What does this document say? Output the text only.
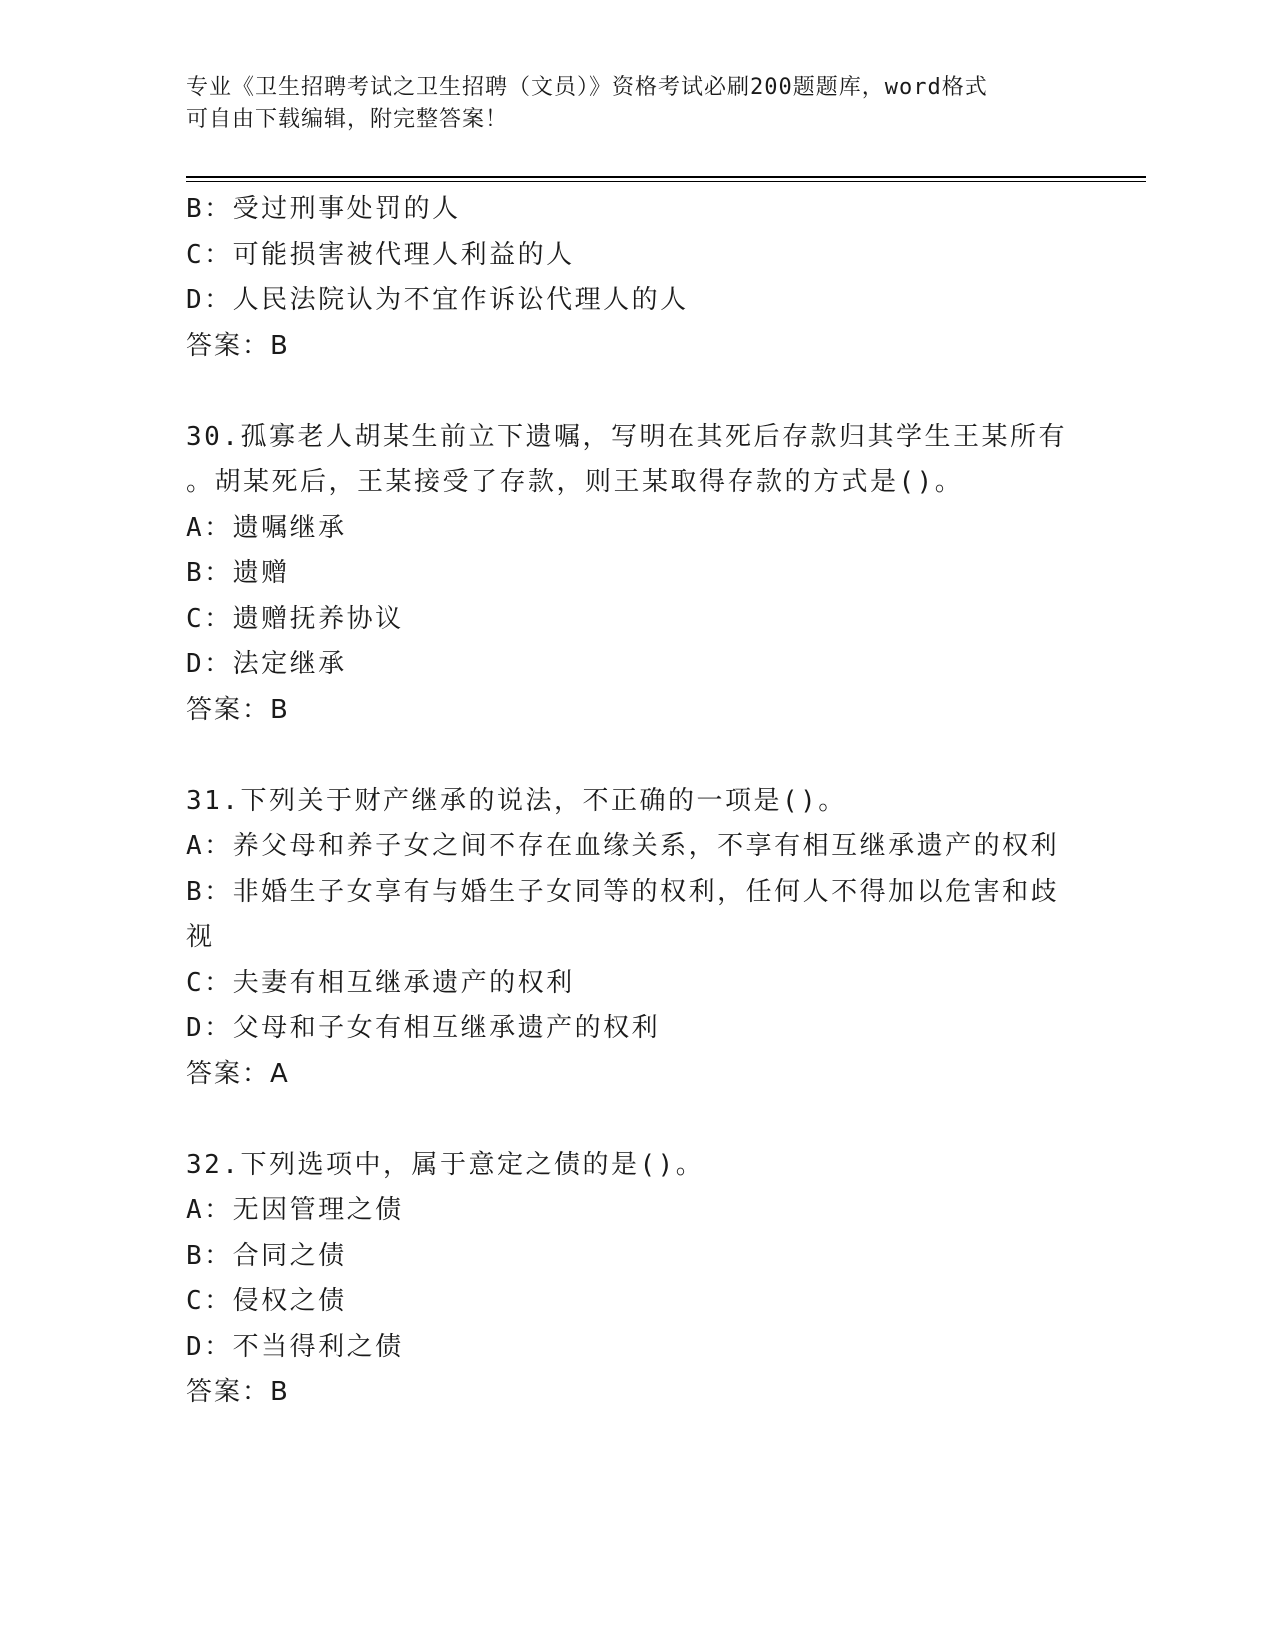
专业《卫生招聘考试之卫生招聘（文员）》资格考试必刷200题题库，word格式
可自由下载编辑，附完整答案！
B：受过刑事处罚的人
C：可能损害被代理人利益的人
D：人民法院认为不宜作诉讼代理人的人
答案：B
30.孤寡老人胡某生前立下遗嘱，写明在其死后存款归其学生王某所有
。胡某死后，王某接受了存款，则王某取得存款的方式是()。
A：遗嘱继承
B：遗赠
C：遗赠抚养协议
D：法定继承
答案：B
31.下列关于财产继承的说法，不正确的一项是()。
A：养父母和养子女之间不存在血缘关系，不享有相互继承遗产的权利
B：非婚生子女享有与婚生子女同等的权利，任何人不得加以危害和歧
视
C：夫妻有相互继承遗产的权利
D：父母和子女有相互继承遗产的权利
答案：A
32.下列选项中，属于意定之债的是()。
A：无因管理之债
B：合同之债
C：侵权之债
D：不当得利之债
答案：B
